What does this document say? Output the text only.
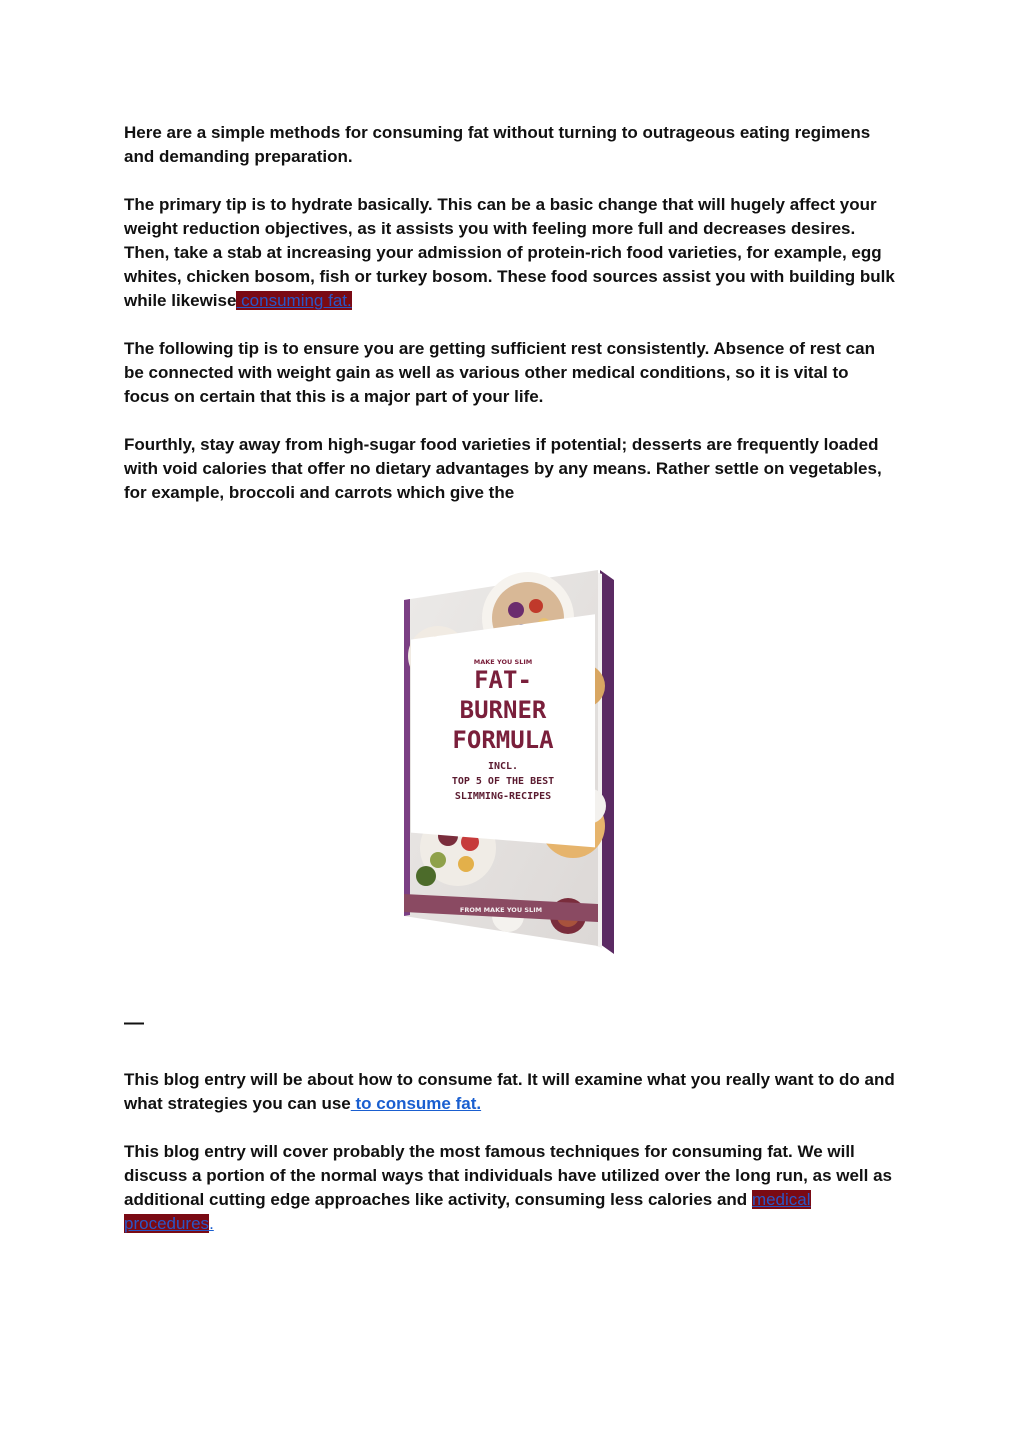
Here are a simple methods for consuming fat without turning to outrageous eating regimens and demanding preparation.

The primary tip is to hydrate basically. This can be a basic change that will hugely affect your weight reduction objectives, as it assists you with feeling more full and decreases desires.

Then, take a stab at increasing your admission of protein-rich food varieties, for example, egg whites, chicken bosom, fish or turkey bosom. These food sources assist you with building bulk

while likewise consuming fat.

The following tip is to ensure you are getting sufficient rest consistently. Absence of rest can be connected with weight gain as well as various other medical conditions, so it is vital to focus on certain that this is a major part of your life.

Fourthly, stay away from high-sugar food varieties if potential; desserts are frequently loaded with void calories that offer no dietary advantages by any means. Rather settle on vegetables, for example, broccoli and carrots which give the

FROM MAKE YOU SLIM
MAKE YOU SLIM
FAT-
BURNER
FORMULA
INCL.
TOP 5 OF THE BEST
SLIMMING-RECIPES
—

This blog entry will be about how to consume fat. It will examine what you really want to do and what strategies you can use to consume fat.

This blog entry will cover probably the most famous techniques for consuming fat. We will discuss a portion of the normal ways that individuals have utilized over the long run, as well as additional cutting edge approaches like activity, consuming less calories and medical procedures.
